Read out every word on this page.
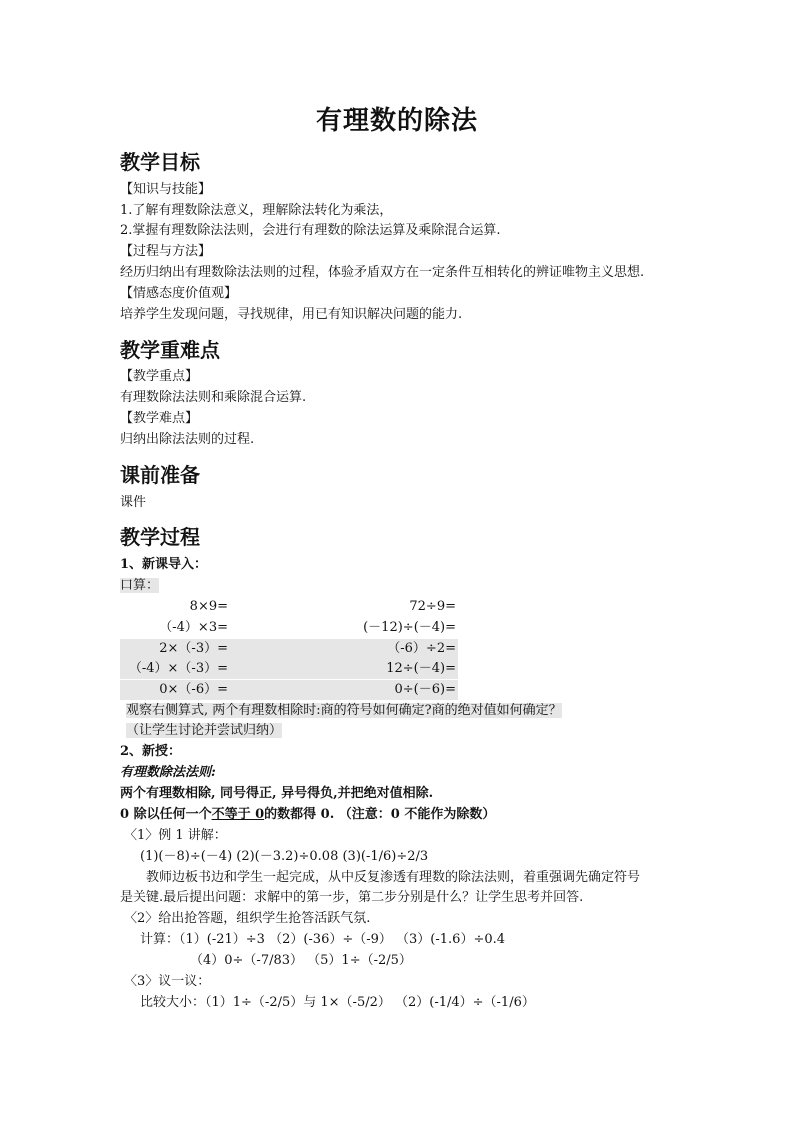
有理数的除法
教学目标
【知识与技能】
1.了解有理数除法意义，理解除法转化为乘法，
2.掌握有理数除法法则，会进行有理数的除法运算及乘除混合运算.
【过程与方法】
经历归纳出有理数除法法则的过程，体验矛盾双方在一定条件互相转化的辨证唯物主义思想.
【情感态度价值观】
培养学生发现问题，寻找规律，用已有知识解决问题的能力.
教学重难点
【教学重点】
有理数除法法则和乘除混合运算.
【教学难点】
归纳出除法法则的过程.
课前准备
课件
教学过程
1、新课导入：
口算：
8×9=
（-4）×3=
2×（-3）=
（-4）×（-3）=
0×（-6）=
72÷9=
(－12)÷(－4)=
（-6）÷2=
12÷(－4)=
0÷(－6)=
观察右侧算式, 两个有理数相除时:商的符号如何确定?商的绝对值如何确定？
（让学生讨论并尝试归纳）
2、新授：
有理数除法法则:
两个有理数相除, 同号得正, 异号得负,并把绝对值相除.
0 除以任何一个不等于 0的数都得 0. （注意：0 不能作为除数）
〈1〉例 1 讲解：
(1)(－8)÷(－4) (2)(－3.2)÷0.08 (3)(-1/6)÷2/3
教师边板书边和学生一起完成，从中反复渗透有理数的除法法则，着重强调先确定符号
是关键.最后提出问题：求解中的第一步，第二步分别是什么？让学生思考并回答.
〈2〉给出抢答题，组织学生抢答活跃气氛.
计算：（1）(-21）÷3 （2）(-36）÷（-9） （3）(-1.6）÷0.4
（4）0÷（-7/83） （5）1÷（-2/5）
〈3〉议一议：
比较大小：（1）1÷（-2/5）与 1×（-5/2） （2）(-1/4）÷（-1/6）
